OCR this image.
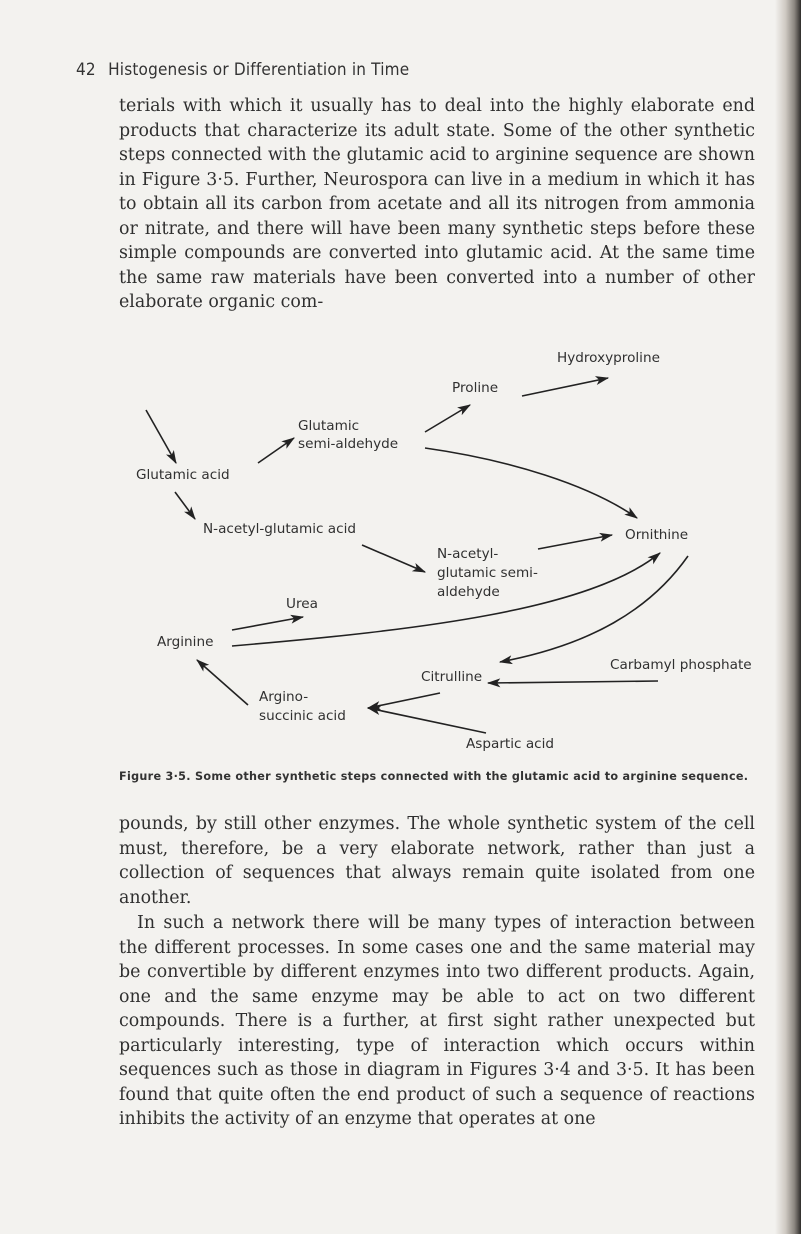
42 Histogenesis or Differentiation in Time
terials with which it usually has to deal into the highly elaborate end products that characterize its adult state. Some of the other synthetic steps connected with the glutamic acid to arginine sequence are shown in Figure 3·5. Further, Neurospora can live in a medium in which it has to obtain all its carbon from acetate and all its nitrogen from ammonia or nitrate, and there will have been many synthetic steps before these simple compounds are converted into glutamic acid. At the same time the same raw materials have been converted into a number of other elaborate organic com-
Hydroxyproline
Proline
Glutamic
semi-aldehyde
Glutamic acid
N-acetyl-glutamic acid	Ornithine
N-acetyl-
glutamic semi-
aldehyde
Urea
Arginine
Carbamyl phosphate
Citrulline
Argino-
succinic acid
Aspartic acid
Figure 3·5. Some other synthetic steps connected with the glutamic acid to arginine sequence.
pounds, by still other enzymes. The whole synthetic system of the cell must, therefore, be a very elaborate network, rather than just a collection of sequences that always remain quite isolated from one another.
In such a network there will be many types of interaction between the different processes. In some cases one and the same material may be convertible by different enzymes into two different products. Again, one and the same enzyme may be able to act on two different compounds. There is a further, at first sight rather unexpected but particularly interesting, type of interaction which occurs within sequences such as those in diagram in Figures 3·4 and 3·5. It has been found that quite often the end product of such a sequence of reactions inhibits the activity of an enzyme that operates at one
